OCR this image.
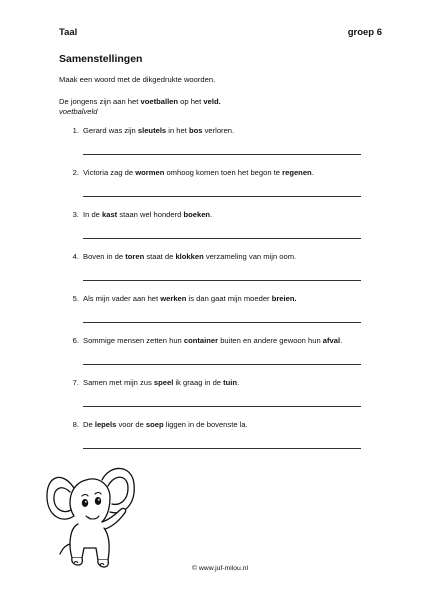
Taal	groep 6
Samenstellingen
Maak een woord met de dikgedrukte woorden.
De jongens zijn aan het voetballen op het veld.
voetbalveld
1. Gerard was zijn sleutels in het bos verloren.
2. Victoria zag de wormen omhoog komen toen het begon te regenen.
3. In de kast staan wel honderd boeken.
4. Boven in de toren staat de klokken verzameling van mijn oom.
5. Als mijn vader aan het werken is dan gaat mijn moeder breien.
6. Sommige mensen zetten hun container buiten en andere gewoon hun afval.
7. Samen met mijn zus speel ik graag in de tuin.
8. De lepels voor de soep liggen in de bovenste la.
© www.juf-milou.nl
